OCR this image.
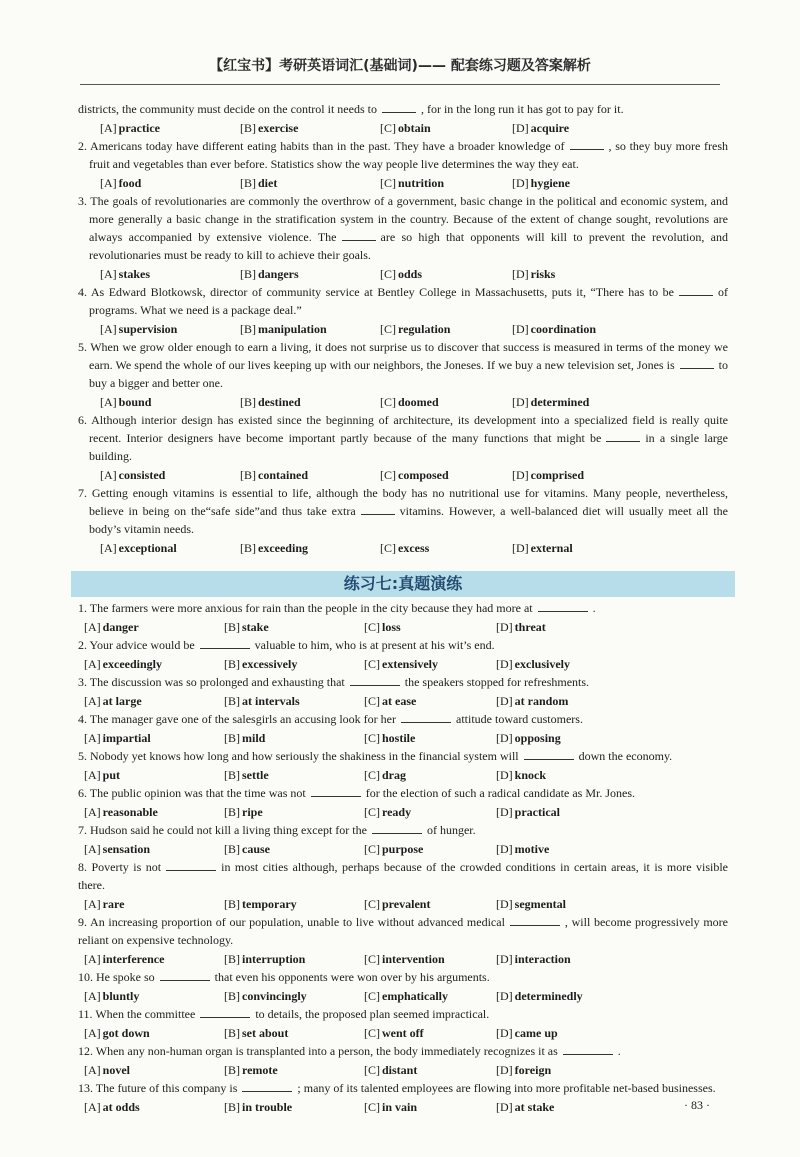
【红宝书】考研英语词汇(基础词)—— 配套练习题及答案解析

districts, the community must decide on the control it needs to	, for in the long run it has got to pay for it.

[A] practice	[B] exercise	[C] obtain	[D] acquire

2. Americans today have different eating habits than in the past. They have a broader knowledge of	, so they buy more fresh fruit and vegetables than ever before. Statistics show the way people live determines the way they eat.

[A] food	[B] diet	[C] nutrition	[D] hygiene

3. The goals of revolutionaries are commonly the overthrow of a government, basic change in the political and economic system, and more generally a basic change in the stratification system in the country. Because of the extent of change sought, revolutions are always accompanied by extensive violence. The	are so high that opponents will kill to prevent the revolution, and revolutionaries must be ready to kill to achieve their goals.

[A] stakes	[B] dangers	[C] odds	[D] risks

4. As Edward Blotkowsk, director of community service at Bentley College in Massachusetts, puts it, “There has to be	of programs. What we need is a package deal.”

[A] supervision	[B] manipulation	[C] regulation	[D] coordination

5. When we grow older enough to earn a living, it does not surprise us to discover that success is measured in terms of the money we earn. We spend the whole of our lives keeping up with our neighbors, the Joneses. If we buy a new television set, Jones is	to buy a bigger and better one.

[A] bound	[B] destined	[C] doomed	[D] determined

6. Although interior design has existed since the beginning of architecture, its development into a specialized field is really quite recent. Interior designers have become important partly because of the many functions that might be	in a single large building.

[A] consisted	[B] contained	[C] composed	[D] comprised

7. Getting enough vitamins is essential to life, although the body has no nutritional use for vitamins. Many people, nevertheless, believe in being on the“safe side”and thus take extra	vitamins. However, a well-balanced diet will usually meet all the body’s vitamin needs.

[A] exceptional	[B] exceeding	[C] excess	[D] external
练习七:真题演练

1. The farmers were more anxious for rain than the people in the city because they had more at	.

[A] danger	[B] stake	[C] loss	[D] threat

2. Your advice would be	valuable to him, who is at present at his wit’s end.

[A] exceedingly	[B] excessively	[C] extensively	[D] exclusively

3. The discussion was so prolonged and exhausting that	the speakers stopped for refreshments.

[A] at large	[B] at intervals	[C] at ease	[D] at random

4. The manager gave one of the salesgirls an accusing look for her	attitude toward customers.

[A] impartial	[B] mild	[C] hostile	[D] opposing

5. Nobody yet knows how long and how seriously the shakiness in the financial system will	down the economy.

[A] put	[B] settle	[C] drag	[D] knock

6. The public opinion was that the time was not	for the election of such a radical candidate as Mr. Jones.

[A] reasonable	[B] ripe	[C] ready	[D] practical

7. Hudson said he could not kill a living thing except for the	of hunger.

[A] sensation	[B] cause	[C] purpose	[D] motive

8. Poverty is not	in most cities although, perhaps because of the crowded conditions in certain areas, it is more visible there.

[A] rare	[B] temporary	[C] prevalent	[D] segmental

9. An increasing proportion of our population, unable to live without advanced medical	, will become progressively more reliant on expensive technology.

[A] interference	[B] interruption	[C] intervention	[D] interaction

10. He spoke so	that even his opponents were won over by his arguments.

[A] bluntly	[B] convincingly	[C] emphatically	[D] determinedly

11. When the committee	to details, the proposed plan seemed impractical.

[A] got down	[B] set about	[C] went off	[D] came up

12. When any non-human organ is transplanted into a person, the body immediately recognizes it as	.

[A] novel	[B] remote	[C] distant	[D] foreign

13. The future of this company is	; many of its talented employees are flowing into more profitable net-based businesses.

[A] at odds	[B] in trouble	[C] in vain	[D] at stake	· 83 ·
